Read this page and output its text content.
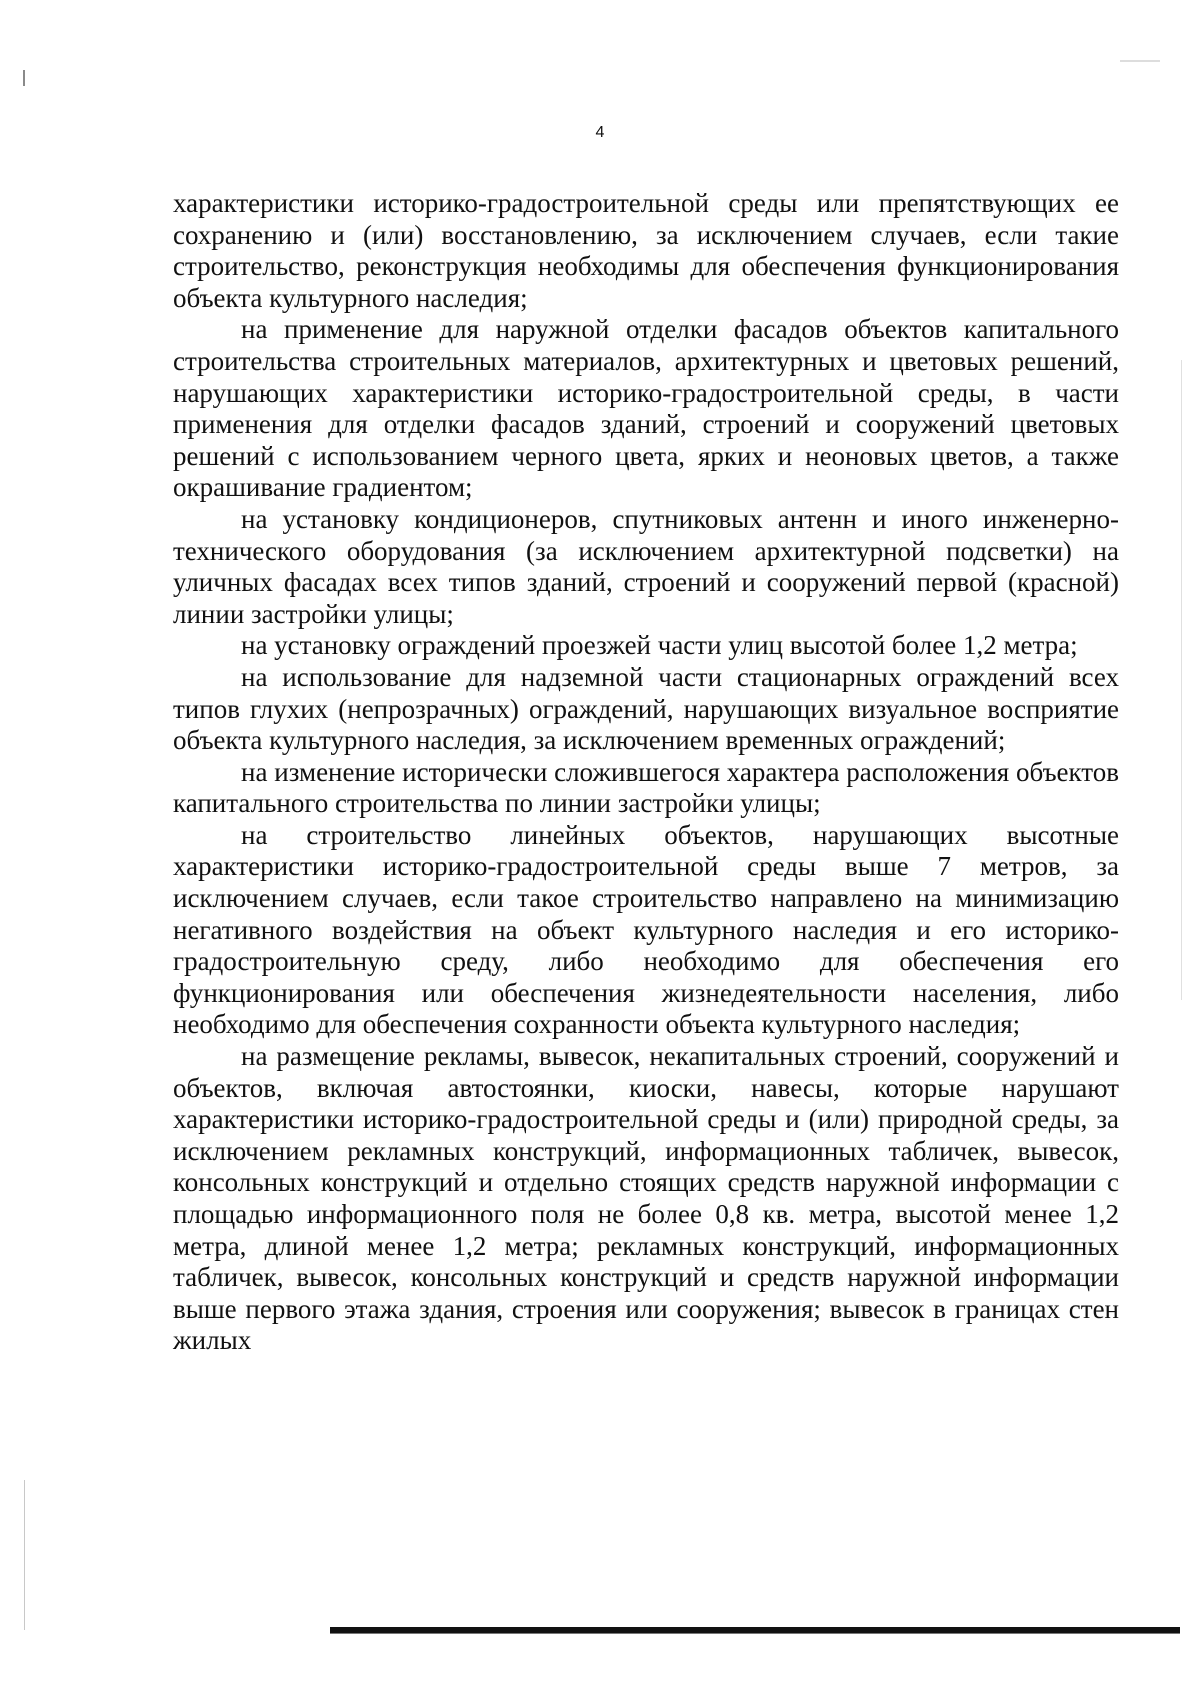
4

характеристики историко-градостроительной среды или препятствующих ее сохранению и (или) восстановлению, за исключением случаев, если такие строительство, реконструкция необходимы для обеспечения функционирования объекта культурного наследия;

на применение для наружной отделки фасадов объектов капитального строительства строительных материалов, архитектурных и цветовых решений, нарушающих характеристики историко-градостроительной среды, в части применения для отделки фасадов зданий, строений и сооружений цветовых решений с использованием черного цвета, ярких и неоновых цветов, а также окрашивание градиентом;

на установку кондиционеров, спутниковых антенн и иного инженерно-технического оборудования (за исключением архитектурной подсветки) на уличных фасадах всех типов зданий, строений и сооружений первой (красной) линии застройки улицы;

на установку ограждений проезжей части улиц высотой более 1,2 метра;

на использование для надземной части стационарных ограждений всех типов глухих (непрозрачных) ограждений, нарушающих визуальное восприятие объекта культурного наследия, за исключением временных ограждений;

на изменение исторически сложившегося характера расположения объектов капитального строительства по линии застройки улицы;

на строительство линейных объектов, нарушающих высотные характеристики историко-градостроительной среды выше 7 метров, за исключением случаев, если такое строительство направлено на минимизацию негативного воздействия на объект культурного наследия и его историко-градостроительную среду, либо необходимо для обеспечения его функционирования или обеспечения жизнедеятельности населения, либо необходимо для обеспечения сохранности объекта культурного наследия;

на размещение рекламы, вывесок, некапитальных строений, сооружений и объектов, включая автостоянки, киоски, навесы, которые нарушают характеристики историко-градостроительной среды и (или) природной среды, за исключением рекламных конструкций, информационных табличек, вывесок, консольных конструкций и отдельно стоящих средств наружной информации с площадью информационного поля не более 0,8 кв. метра, высотой менее 1,2 метра, длиной менее 1,2 метра; рекламных конструкций, информационных табличек, вывесок, консольных конструкций и средств наружной информации выше первого этажа здания, строения или сооружения; вывесок в границах стен жилых
